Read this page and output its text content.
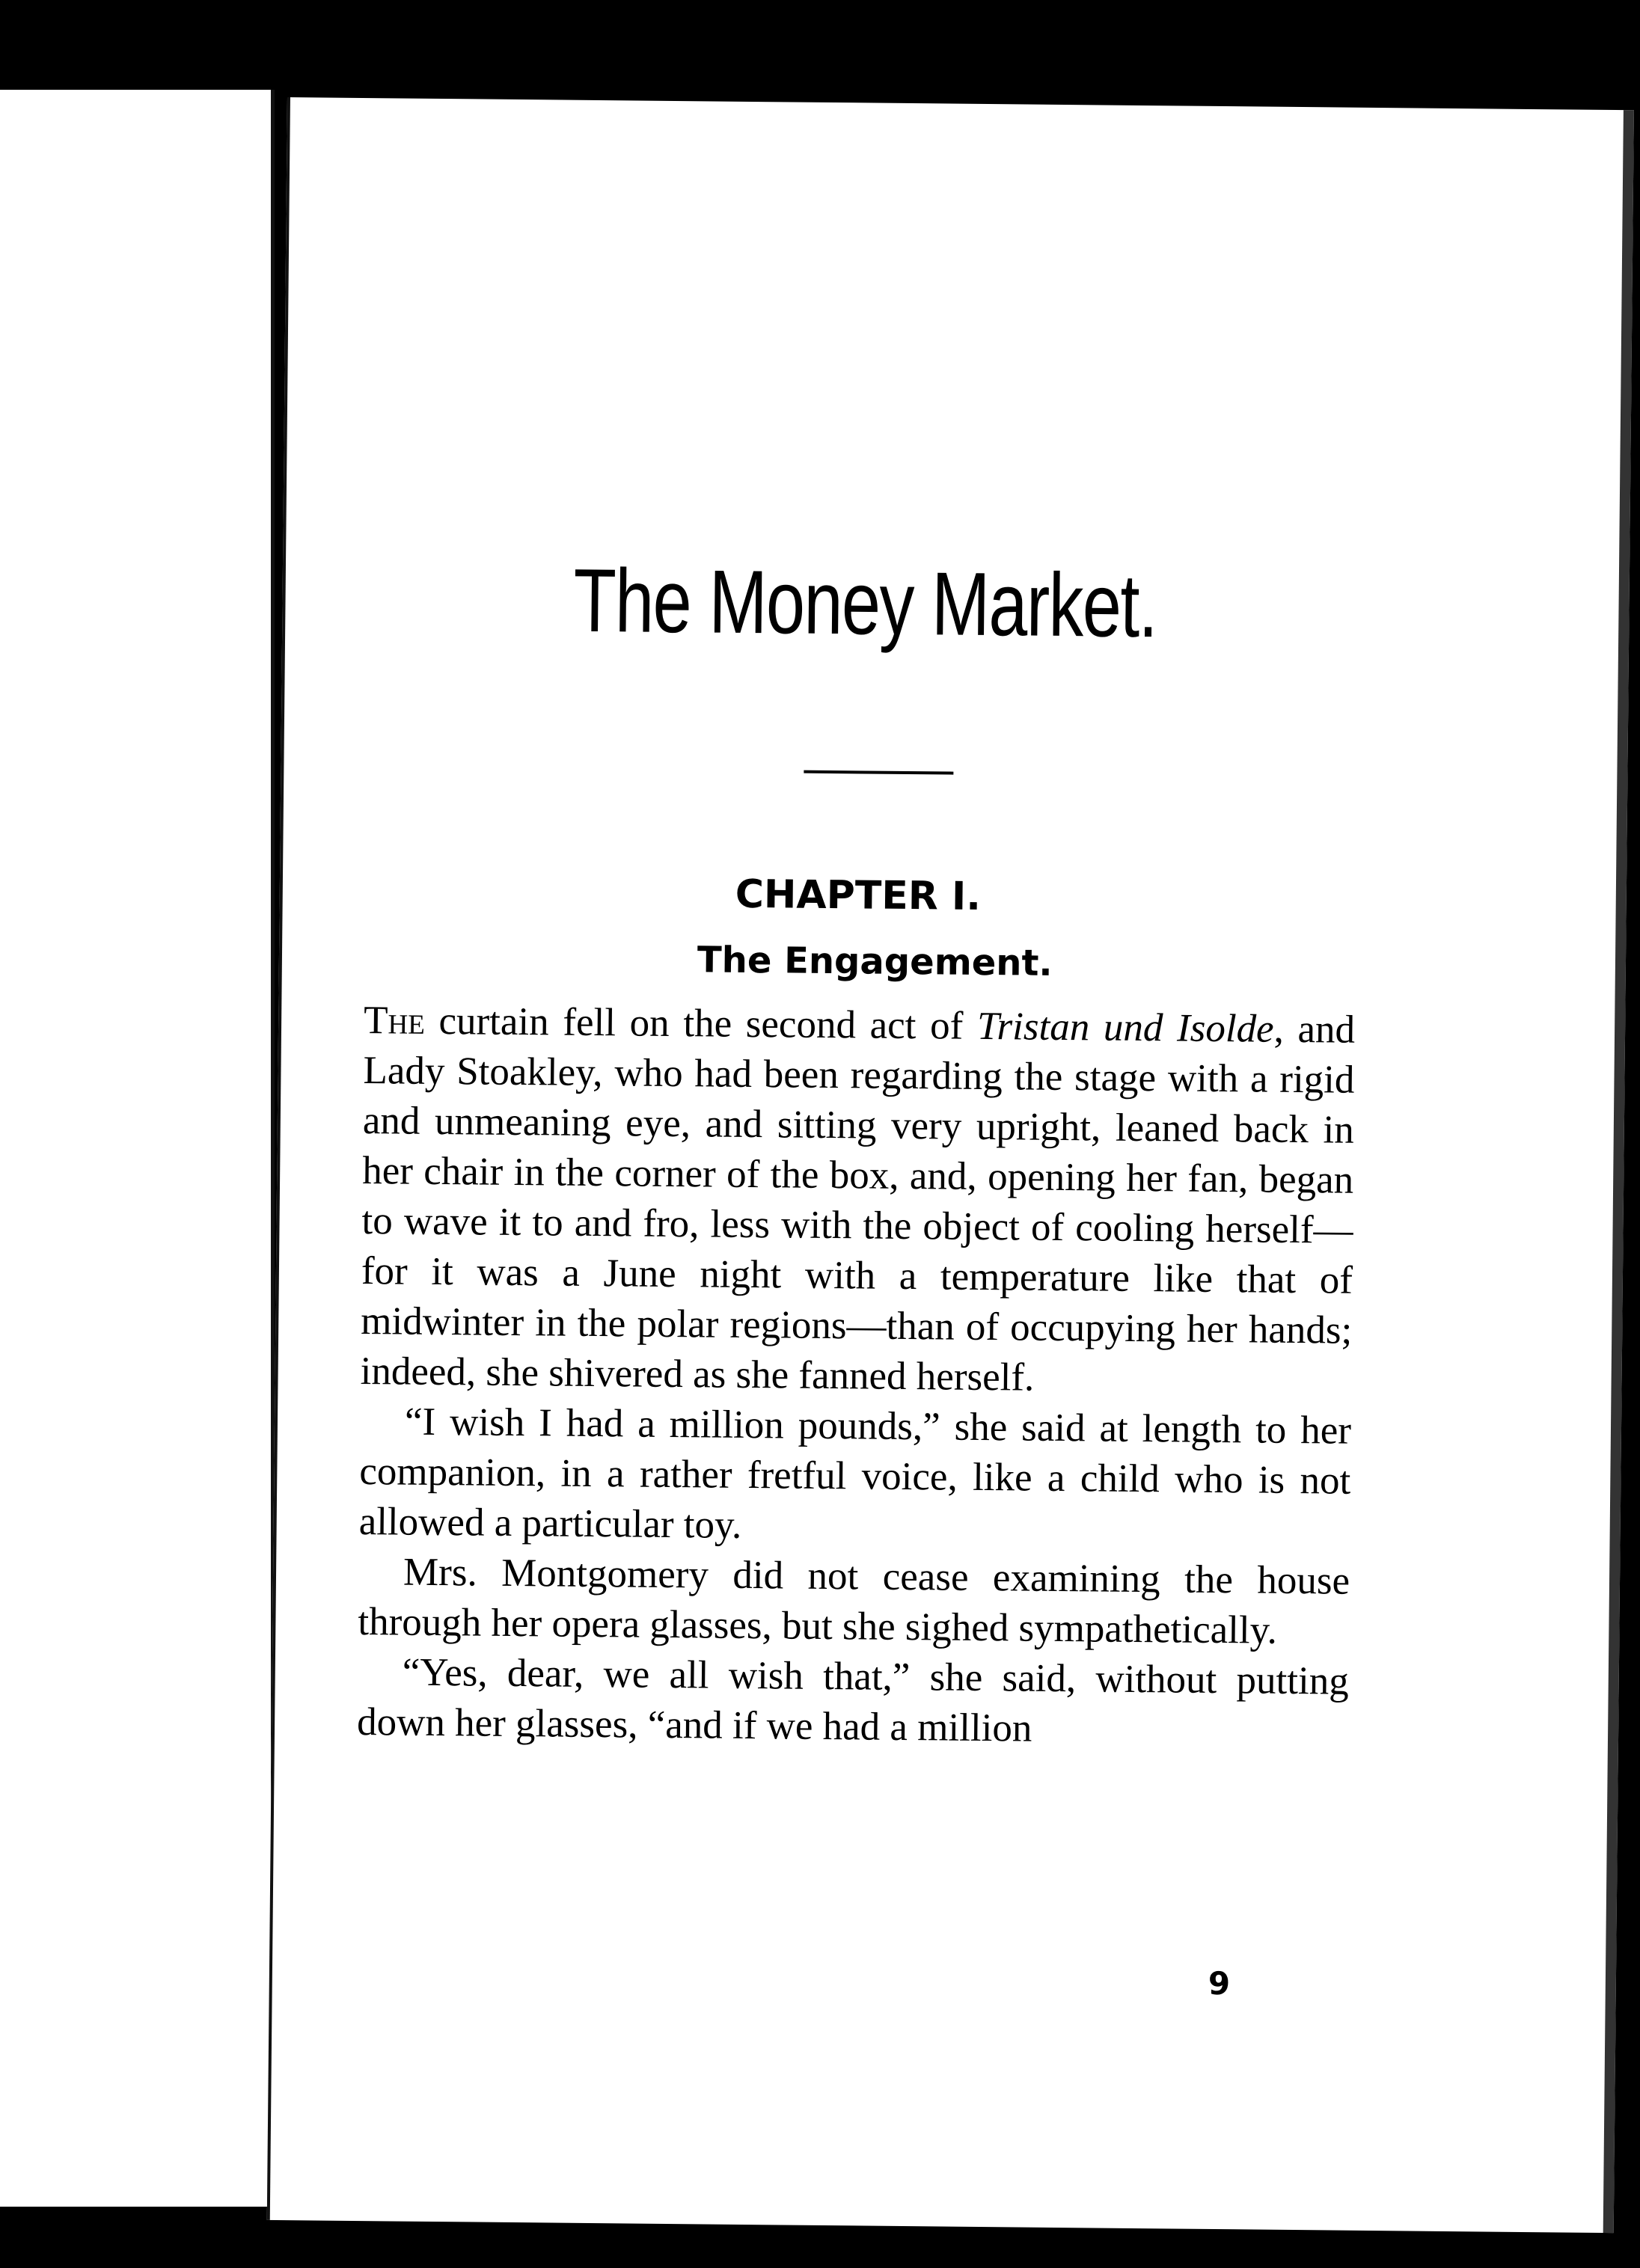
The Money Market.
CHAPTER I.
The Engagement.

The curtain fell on the second act of Tristan und Isolde, and Lady Stoakley, who had been regarding the stage with a rigid and unmeaning eye, and sitting very upright, leaned back in her chair in the corner of the box, and, opening her fan, began to wave it to and fro, less with the object of cooling herself—for it was a June night with a temperature like that of midwinter in the polar regions—than of occupying her hands; indeed, she shivered as she fanned herself.

“I wish I had a million pounds,” she said at length to her companion, in a rather fretful voice, like a child who is not allowed a particular toy.

Mrs. Montgomery did not cease examining the house through her opera glasses, but she sighed sympathetically.

“Yes, dear, we all wish that,” she said, without putting down her glasses, “and if we had a million

9
